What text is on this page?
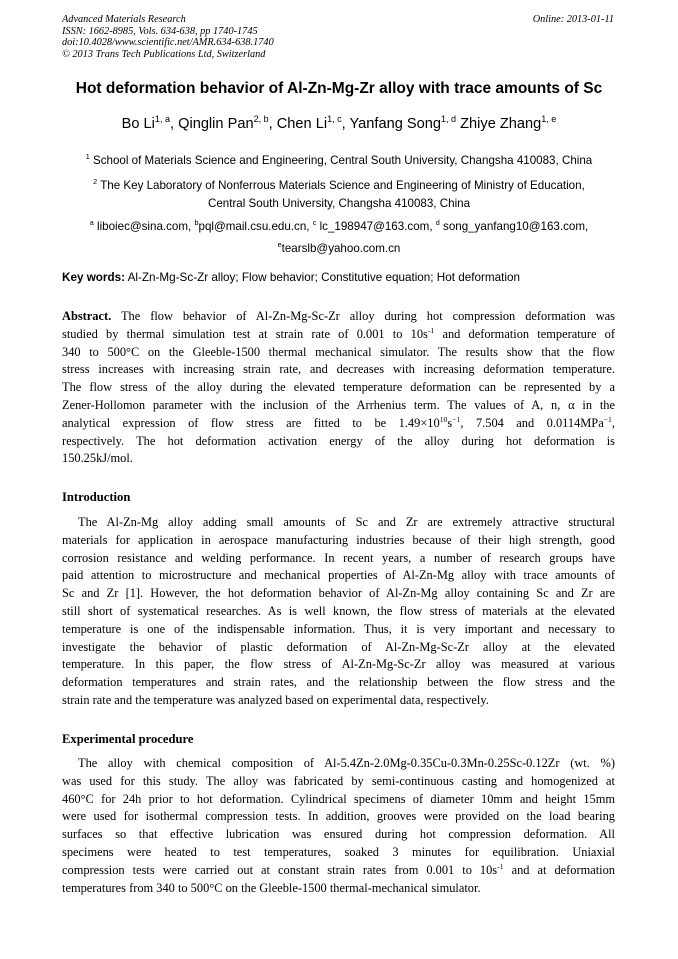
Advanced Materials Research
ISSN: 1662-8985, Vols. 634-638, pp 1740-1745
doi:10.4028/www.scientific.net/AMR.634-638.1740
© 2013 Trans Tech Publications Ltd, Switzerland
Online: 2013-01-11
Hot deformation behavior of Al-Zn-Mg-Zr alloy with trace amounts of Sc
Bo Li$^{1, a}$, Qinglin Pan$^{2, b}$, Chen Li$^{1, c}$, Yanfang Song$^{1, d}$ Zhiye Zhang$^{1, e}$
$^1$ School of Materials Science and Engineering, Central South University, Changsha 410083, China
$^2$ The Key Laboratory of Nonferrous Materials Science and Engineering of Ministry of Education,
Central South University, Changsha 410083, China
$^a$ liboiec@sina.com, $^b$pql@mail.csu.edu.cn, $^c$ lc_198947@163.com, $^d$ song_yanfang10@163.com,
$^e$tearslb@yahoo.com.cn
Key words: Al-Zn-Mg-Sc-Zr alloy; Flow behavior; Constitutive equation; Hot deformation
Abstract. The flow behavior of Al-Zn-Mg-Sc-Zr alloy during hot compression deformation was
studied by thermal simulation test at strain rate of 0.001 to $10s^{-1}$ and deformation temperature of
340 to 500°C on the Gleeble-1500 thermal mechanical simulator. The results show that the flow
stress increases with increasing strain rate, and decreases with increasing deformation temperature.
The flow stress of the alloy during the elevated temperature deformation can be represented by a
Zener-Hollomon parameter with the inclusion of the Arrhenius term. The values of A, n, α in the
analytical expression of flow stress are fitted to be $1.49\times 10^{10}s^{-1}$, 7.504 and 0.0114MPa$^{-1}$,
respectively. The hot deformation activation energy of the alloy during hot deformation is
150.25kJ/mol.
Introduction
The Al-Zn-Mg alloy adding small amounts of Sc and Zr are extremely attractive structural
materials for application in aerospace manufacturing industries because of their high strength, good
corrosion resistance and welding performance. In recent years, a number of research groups have
paid attention to microstructure and mechanical properties of Al-Zn-Mg alloy with trace amounts of
Sc and Zr [1]. However, the hot deformation behavior of Al-Zn-Mg alloy containing Sc and Zr are
still short of systematical researches. As is well known, the flow stress of materials at the elevated
temperature is one of the indispensable information. Thus, it is very important and necessary to
investigate the behavior of plastic deformation of Al-Zn-Mg-Sc-Zr alloy at the elevated
temperature. In this paper, the flow stress of Al-Zn-Mg-Sc-Zr alloy was measured at various
deformation temperatures and strain rates, and the relationship between the flow stress and the
strain rate and the temperature was analyzed based on experimental data, respectively.
Experimental procedure
The alloy with chemical composition of Al-5.4Zn-2.0Mg-0.35Cu-0.3Mn-0.25Sc-0.12Zr (wt. %)
was used for this study. The alloy was fabricated by semi-continuous casting and homogenized at
460°C for 24h prior to hot deformation. Cylindrical specimens of diameter 10mm and height 15mm
were used for isothermal compression tests. In addition, grooves were provided on the load bearing
surfaces so that effective lubrication was ensured during hot compression deformation. All
specimens were heated to test temperatures, soaked 3 minutes for equilibration. Uniaxial
compression tests were carried out at constant strain rates from 0.001 to $10s^{-1}$ and at deformation
temperatures from 340 to 500°C on the Gleeble-1500 thermal-mechanical simulator.
